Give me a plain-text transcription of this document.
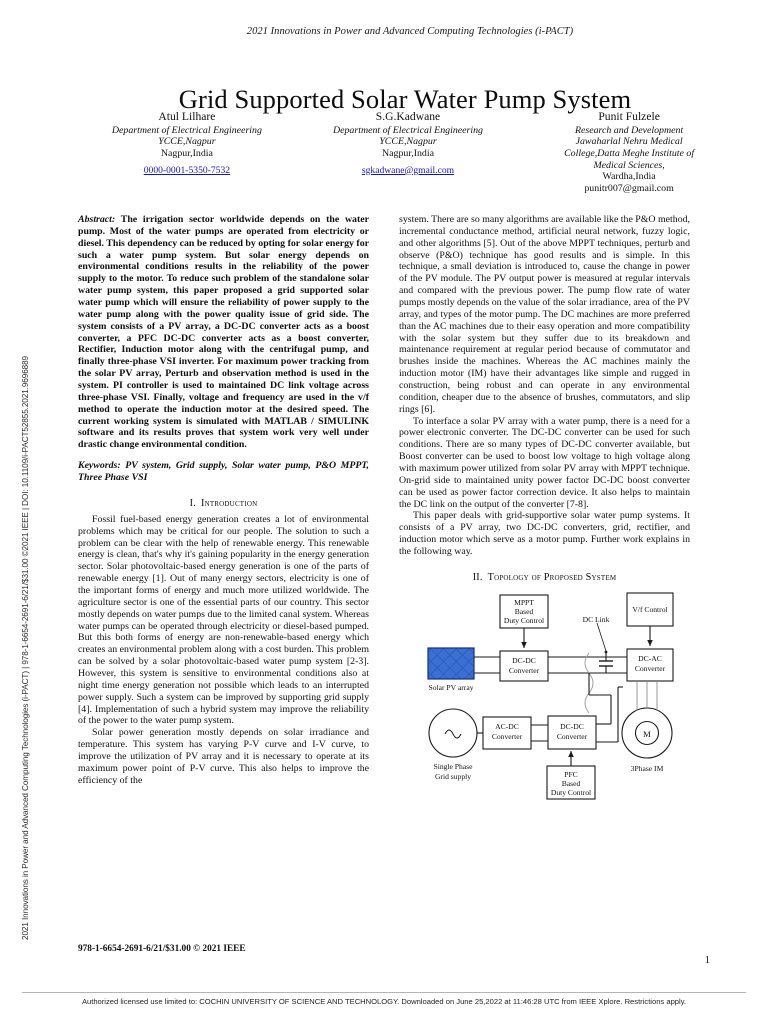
2021 Innovations in Power and Advanced Computing Technologies (i-PACT) | 978-1-6654-2691-6/21/$31.00 ©2021 IEEE | DOI: 10.1109/i-PACT52855.2021.9696889
2021 Innovations in Power and Advanced Computing Technologies (i-PACT)
Grid Supported Solar Water Pump System
Atul Lilhare
Department of Electrical Engineering
YCCE,Nagpur
Nagpur,India
0000-0001-5350-7532
S.G.Kadwane
Department of Electrical Engineering
YCCE,Nagpur
Nagpur,India
sgkadwane@gmail.com
Punit Fulzele
Research and Development
Jawaharlal Nehru Medical
College,Datta Meghe Institute of
Medical Sciences,
Wardha,India
punitr007@gmail.com

Abstract: The irrigation sector worldwide depends on the water pump. Most of the water pumps are operated from electricity or diesel. This dependency can be reduced by opting for solar energy for such a water pump system. But solar energy depends on environmental conditions results in the reliability of the power supply to the motor. To reduce such problem of the standalone solar water pump system, this paper proposed a grid supported solar water pump which will ensure the reliability of power supply to the water pump along with the power quality issue of grid side. The system consists of a PV array, a DC-DC converter acts as a boost converter, a PFC DC-DC converter acts as a boost converter, Rectifier, Induction motor along with the centrifugal pump, and finally three-phase VSI inverter. For maximum power tracking from the solar PV array, Perturb and observation method is used in the system. PI controller is used to maintained DC link voltage across three-phase VSI. Finally, voltage and frequency are used in the v/f method to operate the induction motor at the desired speed. The current working system is simulated with MATLAB / SIMULINK software and its results proves that system work very well under drastic change environmental condition.

Keywords: PV system, Grid supply, Solar water pump, P&O MPPT, Three Phase VSI

I. Introduction

Fossil fuel-based energy generation creates a lot of environmental problems which may be critical for our people. The solution to such a problem can be clear with the help of renewable energy. This renewable energy is clean, that's why it's gaining popularity in the energy generation sector. Solar photovoltaic-based energy generation is one of the parts of renewable energy [1]. Out of many energy sectors, electricity is one of the important forms of energy and much more utilized worldwide. The agriculture sector is one of the essential parts of our country. This sector mostly depends on water pumps due to the limited canal system. Whereas water pumps can be operated through electricity or diesel-based pumped. But this both forms of energy are non-renewable-based energy which creates an environmental problem along with a cost burden. This problem can be solved by a solar photovoltaic-based water pump system [2-3]. However, this system is sensitive to environmental conditions also at night time energy generation not possible which leads to an interrupted power supply. Such a system can be improved by supporting grid supply [4]. Implementation of such a hybrid system may improve the reliability of the power to the water pump system.

Solar power generation mostly depends on solar irradiance and temperature. This system has varying P-V curve and I-V curve, to improve the utilization of PV array and it is necessary to operate at its maximum power point of P-V curve. This also helps to improve the efficiency of the

system. There are so many algorithms are available like the P&O method, incremental conductance method, artificial neural network, fuzzy logic, and other algorithms [5]. Out of the above MPPT techniques, perturb and observe (P&O) technique has good results and is simple. In this technique, a small deviation is introduced to, cause the change in power of the PV module. The PV output power is measured at regular intervals and compared with the previous power. The pump flow rate of water pumps mostly depends on the value of the solar irradiance, area of the PV array, and types of the motor pump. The DC machines are more preferred than the AC machines due to their easy operation and more compatibility with the solar system but they suffer due to its breakdown and maintenance requirement at regular period because of commutator and brushes inside the machines. Whereas the AC machines mainly the induction motor (IM) have their advantages like simple and rugged in construction, being robust and can operate in any environmental condition, cheaper due to the absence of brushes, commutators, and slip rings [6].

To interface a solar PV array with a water pump, there is a need for a power electronic converter. The DC-DC converter can be used for such conditions. There are so many types of DC-DC converter available, but Boost converter can be used to boost low voltage to high voltage along with maximum power utilized from solar PV array with MPPT technique. On-grid side to maintained unity power factor DC-DC boost converter can be used as power factor correction device. It also helps to maintain the DC link on the output of the converter [7-8].

This paper deals with grid-supportive solar water pump systems. It consists of a PV array, two DC-DC converters, grid, rectifier, and induction motor which serve as a motor pump. Further work explains in the following way.

II. Topology of Proposed System
MPPT
Based
Duty Control
V/f Control
DC-DC
Converter
DC-AC
Converter
AC-DC
Converter
DC-DC
Converter
PFC
Based
Duty Control
Solar PV array
DC Link
Single Phase
Grid supply
M
3Phase IM
978-1-6654-2691-6/21/$31.00 © 2021 IEEE
1
Authorized licensed use limited to: COCHIN UNIVERSITY OF SCIENCE AND TECHNOLOGY. Downloaded on June 25,2022 at 11:46:28 UTC from IEEE Xplore. Restrictions apply.
